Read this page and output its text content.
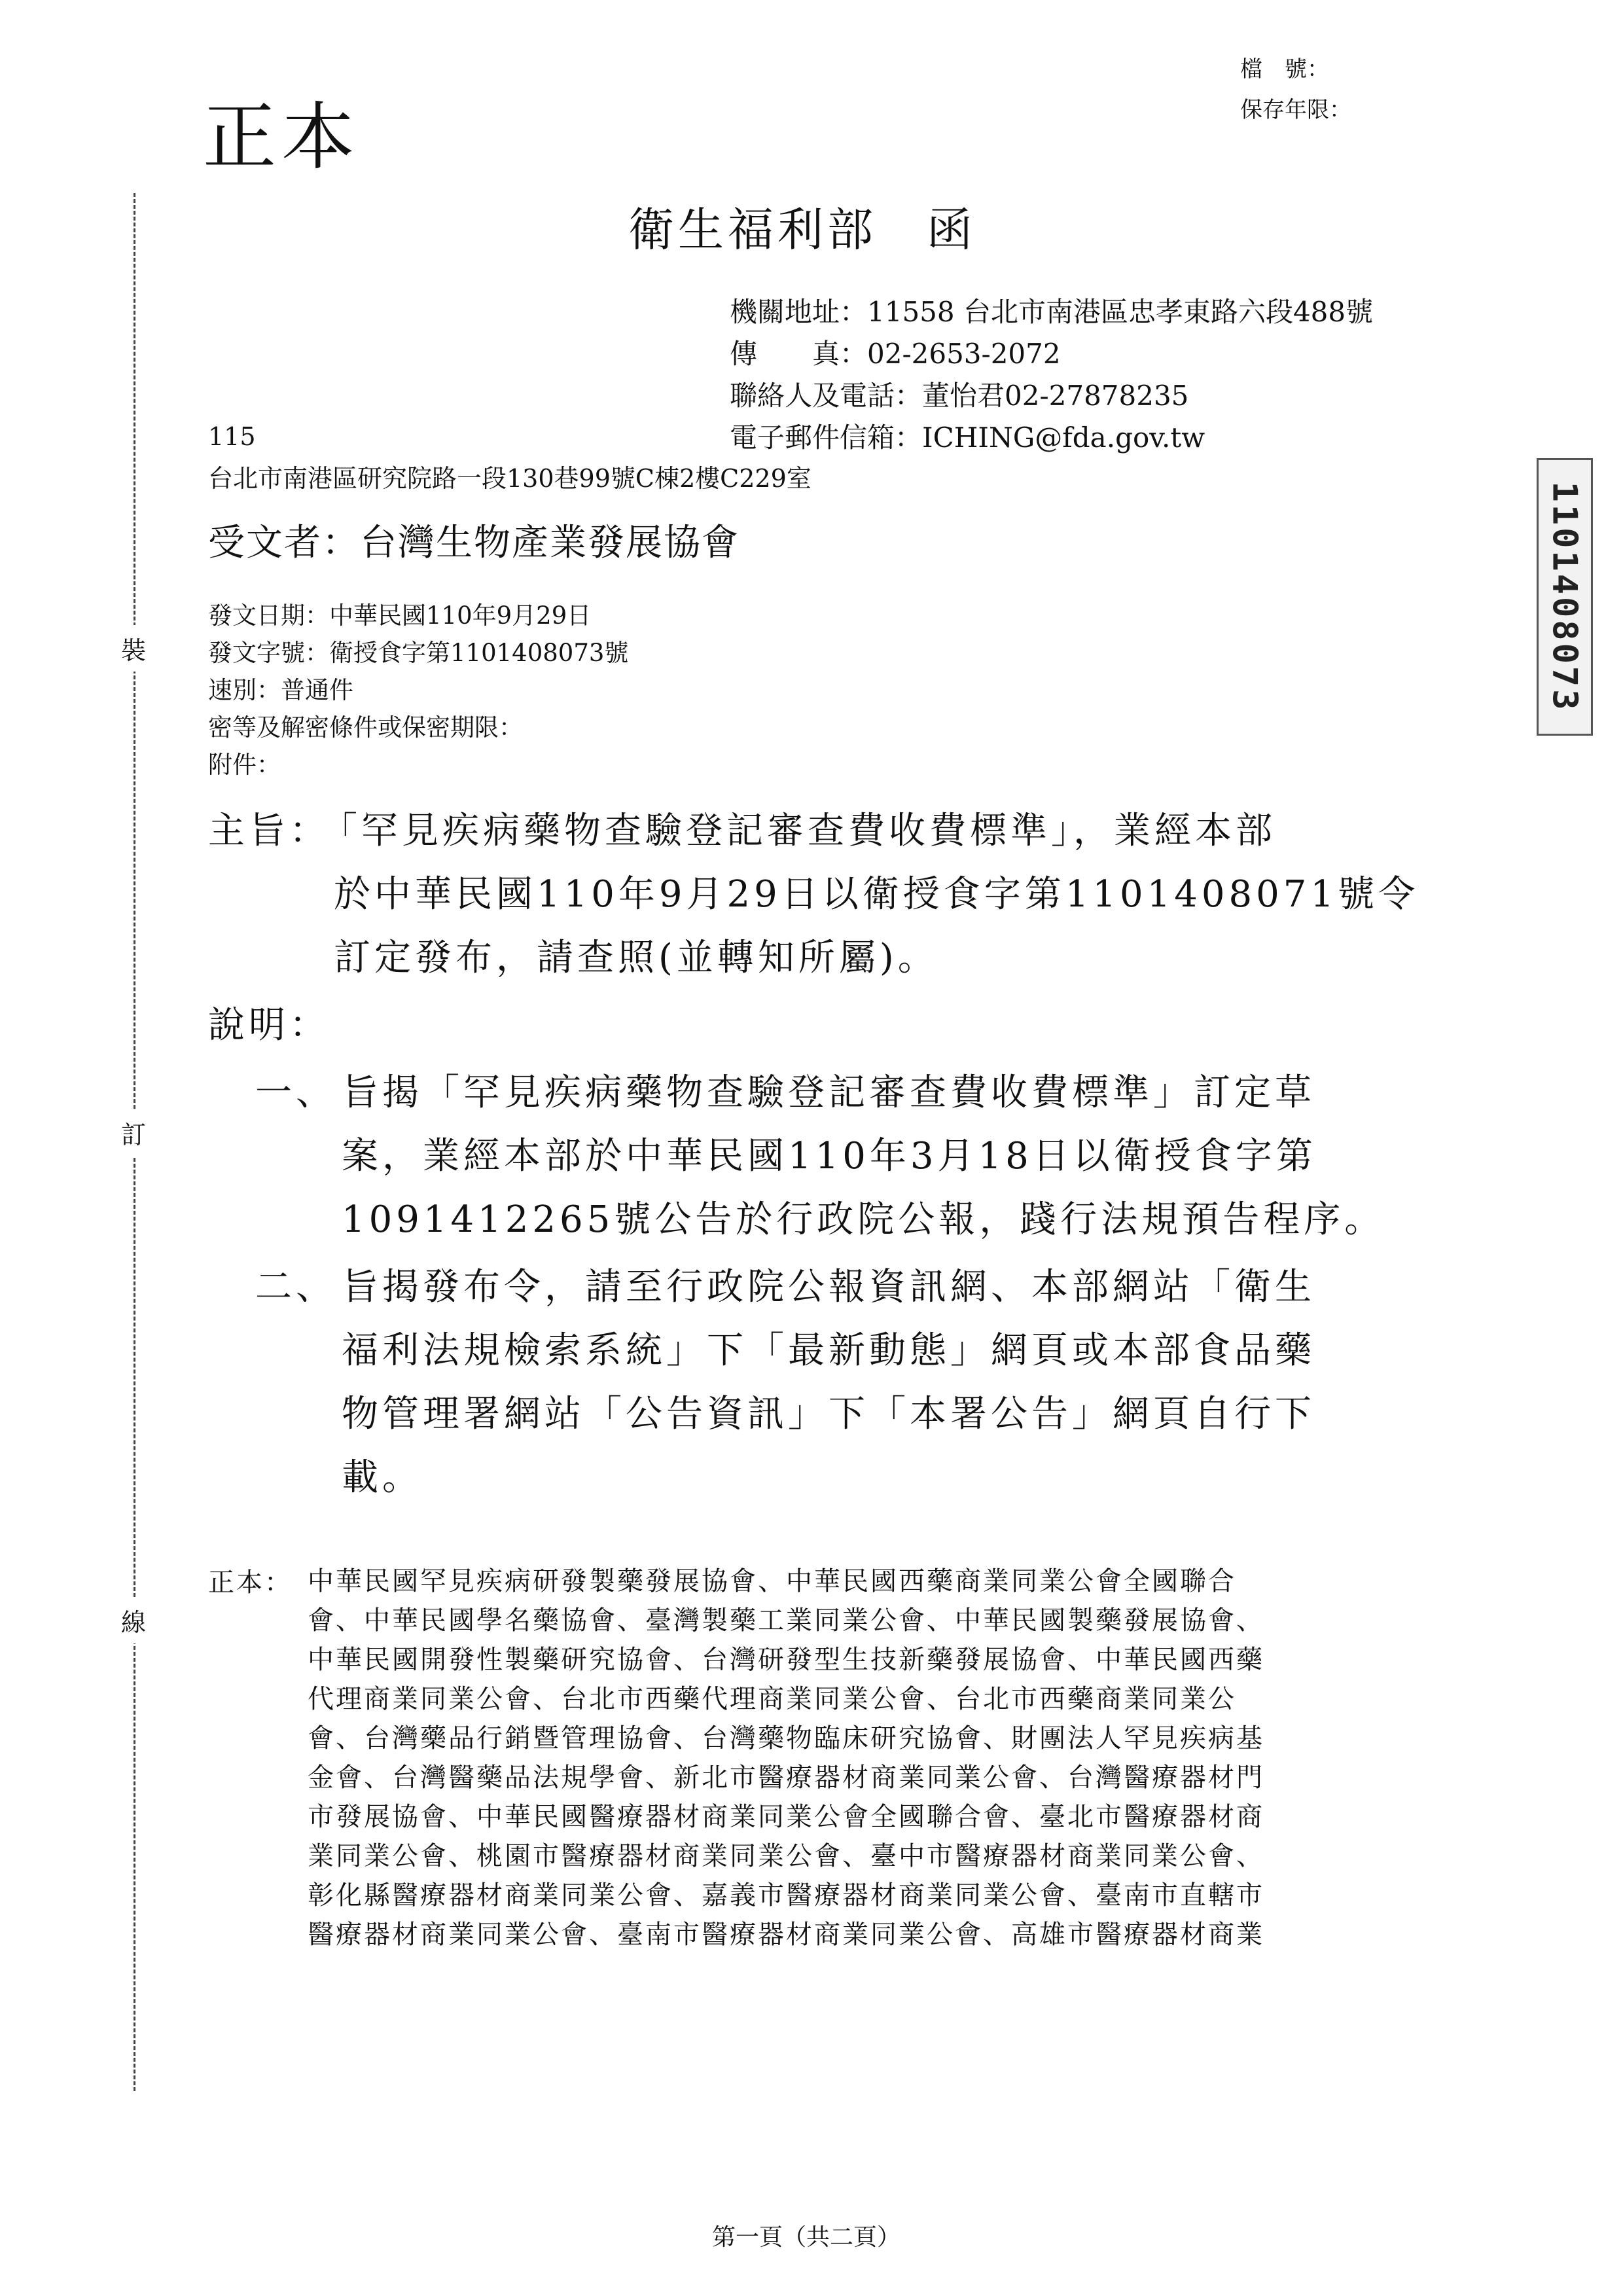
正本
檔　號：
保存年限：
裝
訂
線
衛生福利部　函
機關地址：11558 台北市南港區忠孝東路六段488號
傳　　真：02-2653-2072
聯絡人及電話：董怡君02-27878235
電子郵件信箱：ICHING@fda.gov.tw
115
台北市南港區研究院路一段130巷99號C棟2樓C229室
受文者：台灣生物產業發展協會
發文日期：中華民國110年9月29日
發文字號：衛授食字第1101408073號
速別：普通件
密等及解密條件或保密期限：
附件：
1101408073
主旨：
「罕見疾病藥物查驗登記審查費收費標準」，業經本部
於中華民國110年9月29日以衛授食字第1101408071號令
訂定發布，請查照(並轉知所屬)。
說明：
一、 旨揭「罕見疾病藥物查驗登記審查費收費標準」訂定草
案，業經本部於中華民國110年3月18日以衛授食字第
1091412265號公告於行政院公報，踐行法規預告程序。
二、 旨揭發布令，請至行政院公報資訊網、本部網站「衛生
福利法規檢索系統」下「最新動態」網頁或本部食品藥
物管理署網站「公告資訊」下「本署公告」網頁自行下
載。
正本： 中華民國罕見疾病研發製藥發展協會、中華民國西藥商業同業公會全國聯合
會、中華民國學名藥協會、臺灣製藥工業同業公會、中華民國製藥發展協會、
中華民國開發性製藥研究協會、台灣研發型生技新藥發展協會、中華民國西藥
代理商業同業公會、台北市西藥代理商業同業公會、台北市西藥商業同業公
會、台灣藥品行銷暨管理協會、台灣藥物臨床研究協會、財團法人罕見疾病基
金會、台灣醫藥品法規學會、新北市醫療器材商業同業公會、台灣醫療器材門
市發展協會、中華民國醫療器材商業同業公會全國聯合會、臺北市醫療器材商
業同業公會、桃園市醫療器材商業同業公會、臺中市醫療器材商業同業公會、
彰化縣醫療器材商業同業公會、嘉義市醫療器材商業同業公會、臺南市直轄市
醫療器材商業同業公會、臺南市醫療器材商業同業公會、高雄市醫療器材商業
第一頁（共二頁）
